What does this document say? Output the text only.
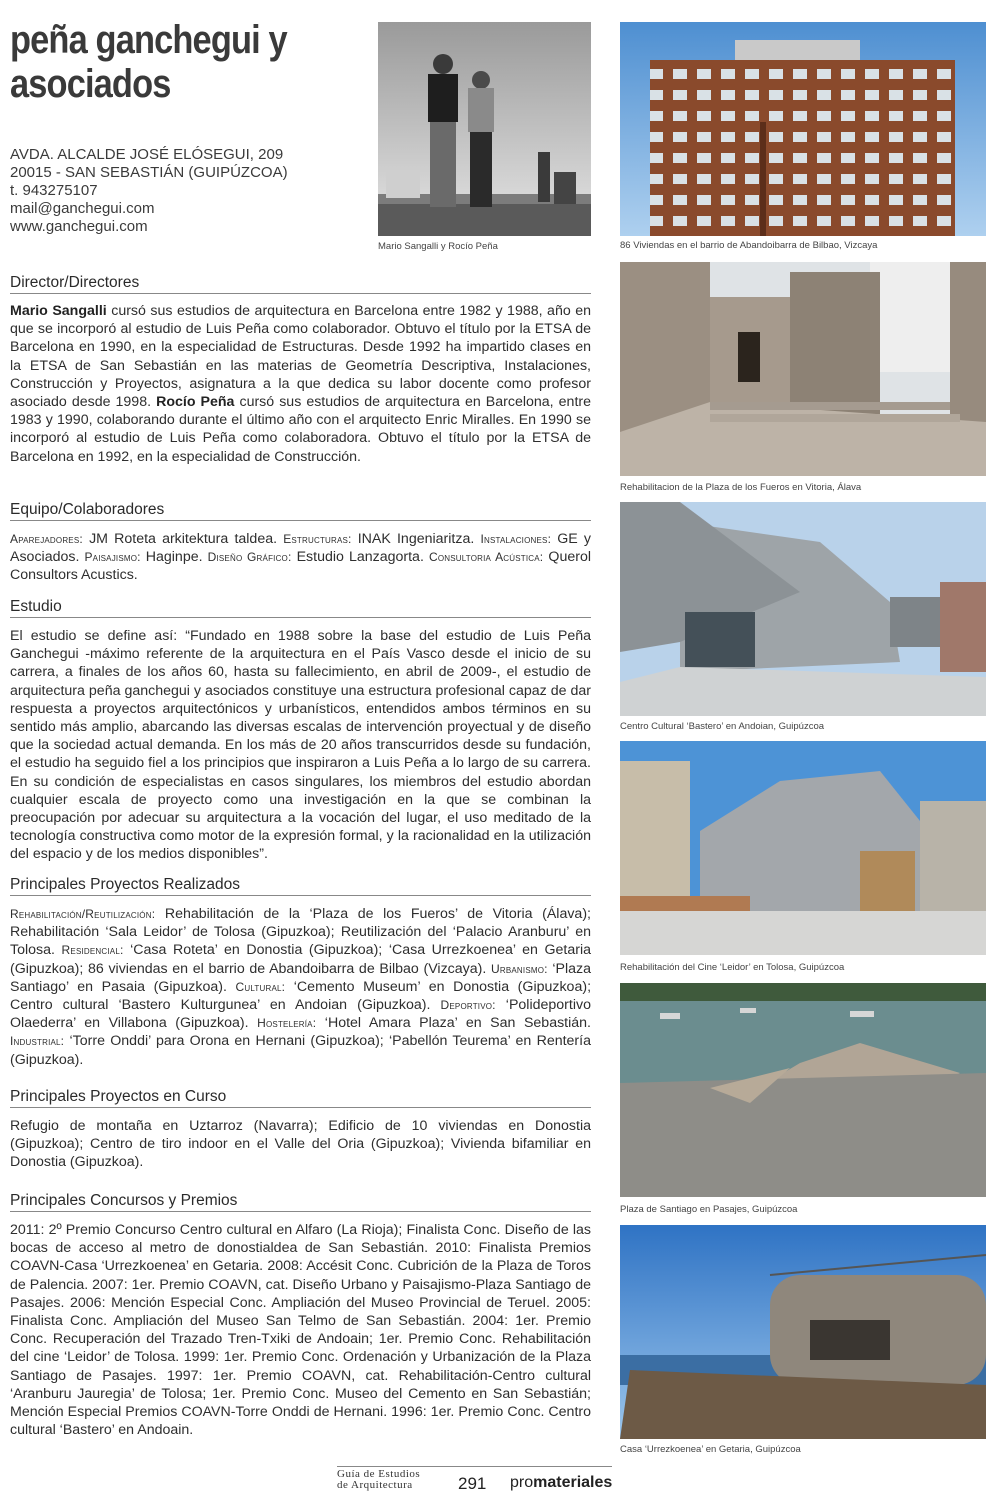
peña ganchegui y
asociados
AVDA. ALCALDE JOSÉ ELÓSEGUI, 209
20015 - SAN SEBASTIÁN (GUIPÚZCOA)
t. 943275107
mail@ganchegui.com
www.ganchegui.com
Mario Sangalli y Rocío Peña
Director/Directores
Mario Sangalli cursó sus estudios de arquitectura en Barcelona entre 1982 y 1988, año en que se incorporó al estudio de Luis Peña como colaborador. Obtuvo el título por la ETSA de Barcelona en 1990, en la especialidad de Estructuras. Desde 1992 ha impartido clases en la ETSA de San Sebastián en las materias de Geometría Descriptiva, Instalaciones, Construcción y Proyectos, asignatura a la que dedica su labor docente como profesor asociado desde 1998. Rocío Peña cursó sus estudios de arquitectura en Barcelona, entre 1983 y 1990, colaborando durante el último año con el arquitecto Enric Miralles. En 1990 se incorporó al estudio de Luis Peña como colaboradora. Obtuvo el título por la ETSA de Barcelona en 1992, en la especialidad de Construcción.
Equipo/Colaboradores
Aparejadores: JM Roteta arkitektura taldea. Estructuras: INAK Ingeniaritza. Instalaciones: GE y Asociados. Paisajismo: Haginpe. Diseño Gráfico: Estudio Lanzagorta. Consultoria Acústica: Querol Consultors Acustics.
Estudio
El estudio se define así: “Fundado en 1988 sobre la base del estudio de Luis Peña Ganchegui -máximo referente de la arquitectura en el País Vasco desde el inicio de su carrera, a finales de los años 60, hasta su fallecimiento, en abril de 2009-, el estudio de arquitectura peña ganchegui y asociados constituye una estructura profesional capaz de dar respuesta a proyectos arquitectónicos y urbanísticos, entendidos ambos términos en su sentido más amplio, abarcando las diversas escalas de intervención proyectual y de diseño que la sociedad actual demanda. En los más de 20 años transcurridos desde su fundación, el estudio ha seguido fiel a los principios que inspiraron a Luis Peña a lo largo de su carrera. En su condición de especialistas en casos singulares, los miembros del estudio abordan cualquier escala de proyecto como una investigación en la que se combinan la preocupación por adecuar su arquitectura a la vocación del lugar, el uso meditado de la tecnología constructiva como motor de la expresión formal, y la racionalidad en la utilización del espacio y de los medios disponibles”.
Principales Proyectos Realizados
Rehabilitación/Reutilización: Rehabilitación de la ‘Plaza de los Fueros’ de Vitoria (Álava); Rehabilitación ‘Sala Leidor’ de Tolosa (Gipuzkoa); Reutilización del ‘Palacio Aranburu’ en Tolosa. Residencial: ‘Casa Roteta’ en Donostia (Gipuzkoa); ‘Casa Urrezkoenea’ en Getaria (Gipuzkoa); 86 viviendas en el barrio de Abandoibarra de Bilbao (Vizcaya). Urbanismo: ‘Plaza Santiago’ en Pasaia (Gipuzkoa). Cultural: ‘Cemento Museum’ en Donostia (Gipuzkoa); Centro cultural ‘Bastero Kulturgunea’ en Andoian (Gipuzkoa). Deportivo: ‘Polideportivo Olaederra’ en Villabona (Gipuzkoa). Hostelería: ‘Hotel Amara Plaza’ en San Sebastián. Industrial: ‘Torre Onddi’ para Orona en Hernani (Gipuzkoa); ‘Pabellón Teurema’ en Rentería (Gipuzkoa).
Principales Proyectos en Curso
Refugio de montaña en Uztarroz (Navarra); Edificio de 10 viviendas en Donostia (Gipuzkoa); Centro de tiro indoor en el Valle del Oria (Gipuzkoa); Vivienda bifamiliar en Donostia (Gipuzkoa).
Principales Concursos y Premios
2011: 2º Premio Concurso Centro cultural en Alfaro (La Rioja); Finalista Conc. Diseño de las bocas de acceso al metro de donostialdea de San Sebastián. 2010: Finalista Premios COAVN-Casa ‘Urrezkoenea’ en Getaria. 2008: Accésit Conc. Cubrición de la Plaza de Toros de Palencia. 2007: 1er. Premio COAVN, cat. Diseño Urbano y Paisajismo-Plaza Santiago de Pasajes. 2006: Mención Especial Conc. Ampliación del Museo Provincial de Teruel. 2005: Finalista Conc. Ampliación del Museo San Telmo de San Sebastián. 2004: 1er. Premio Conc. Recuperación del Trazado Tren-Txiki de Andoain; 1er. Premio Conc. Rehabilitación del cine ‘Leidor’ de Tolosa. 1999: 1er. Premio Conc. Ordenación y Urbanización de la Plaza Santiago de Pasajes. 1997: 1er. Premio COAVN, cat. Rehabilitación-Centro cultural ‘Aranburu Jauregia’ de Tolosa; 1er. Premio Conc. Museo del Cemento en San Sebastián; Mención Especial Premios COAVN-Torre Onddi de Hernani. 1996: 1er. Premio Conc. Centro cultural ‘Bastero’ en Andoain.
86 Viviendas en el barrio de Abandoibarra de Bilbao, Vizcaya
Rehabilitacion de la Plaza de los Fueros en Vitoria, Álava
Centro Cultural ‘Bastero’ en Andoian, Guipúzcoa
Rehabilitación del Cine ‘Leidor’ en Tolosa, Guipúzcoa
Plaza de Santiago en Pasajes, Guipúzcoa
Casa ‘Urrezkoenea’ en Getaria, Guipúzcoa
Guía de Estudios
de Arquitectura	291 promateriales
